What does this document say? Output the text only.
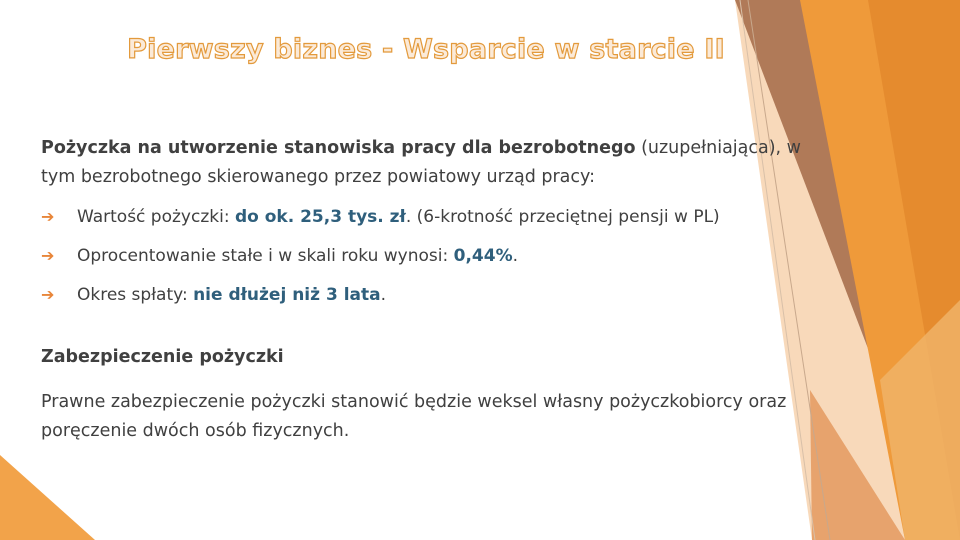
Pierwszy biznes - Wsparcie w starcie II

Pożyczka na utworzenie stanowiska pracy dla bezrobotnego (uzupełniająca), w tym bezrobotnego skierowanego przez powiatowy urząd pracy:

➔	Wartość pożyczki: do ok. 25,3 tys. zł. (6-krotność przeciętnej pensji w PL)
➔	Oprocentowanie stałe i w skali roku wynosi: 0,44%.
➔	Okres spłaty: nie dłużej niż 3 lata.

Zabezpieczenie pożyczki

Prawne zabezpieczenie pożyczki stanowić będzie weksel własny pożyczkobiorcy oraz poręczenie dwóch osób fizycznych.
